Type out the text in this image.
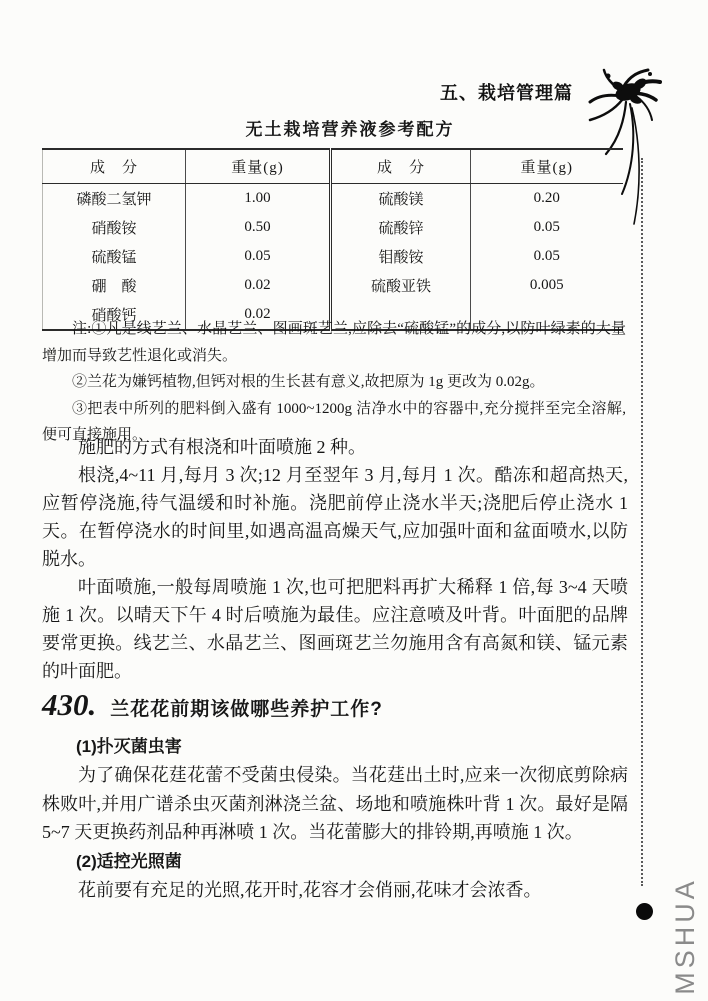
五、栽培管理篇
无土栽培营养液参考配方
成　分	重量(g)	成　分	重量(g)
磷酸二氢钾	1.00	硫酸镁	0.20
硝酸铵	0.50	硫酸锌	0.05
硫酸锰	0.05	钼酸铵	0.05
硼　酸	0.02	硫酸亚铁	0.005
硝酸钙	0.02		

注:①凡是线艺兰、水晶艺兰、图画斑艺兰,应除去“硫酸锰”的成分,以防叶绿素的大量增加而导致艺性退化或消失。

②兰花为嫌钙植物,但钙对根的生长甚有意义,故把原为 1g 更改为 0.02g。

③把表中所列的肥料倒入盛有 1000~1200g 洁净水中的容器中,充分搅拌至完全溶解,便可直接施用。

施肥的方式有根浇和叶面喷施 2 种。

根浇,4~11 月,每月 3 次;12 月至翌年 3 月,每月 1 次。酷冻和超高热天,应暂停浇施,待气温缓和时补施。浇肥前停止浇水半天;浇肥后停止浇水 1 天。在暂停浇水的时间里,如遇高温高燥天气,应加强叶面和盆面喷水,以防脱水。

叶面喷施,一般每周喷施 1 次,也可把肥料再扩大稀释 1 倍,每 3~4 天喷施 1 次。以晴天下午 4 时后喷施为最佳。应注意喷及叶背。叶面肥的品牌要常更换。线艺兰、水晶艺兰、图画斑艺兰勿施用含有高氮和镁、锰元素的叶面肥。

430. 兰花花前期该做哪些养护工作?

(1)扑灭菌虫害

为了确保花莛花蕾不受菌虫侵染。当花莛出土时,应来一次彻底剪除病株败叶,并用广谱杀虫灭菌剂淋浇兰盆、场地和喷施株叶背 1 次。最好是隔 5~7 天更换药剂品种再淋喷 1 次。当花蕾膨大的排铃期,再喷施 1 次。

(2)适控光照菌

花前要有充足的光照,花开时,花容才会俏丽,花味才会浓香。	MSHUA
